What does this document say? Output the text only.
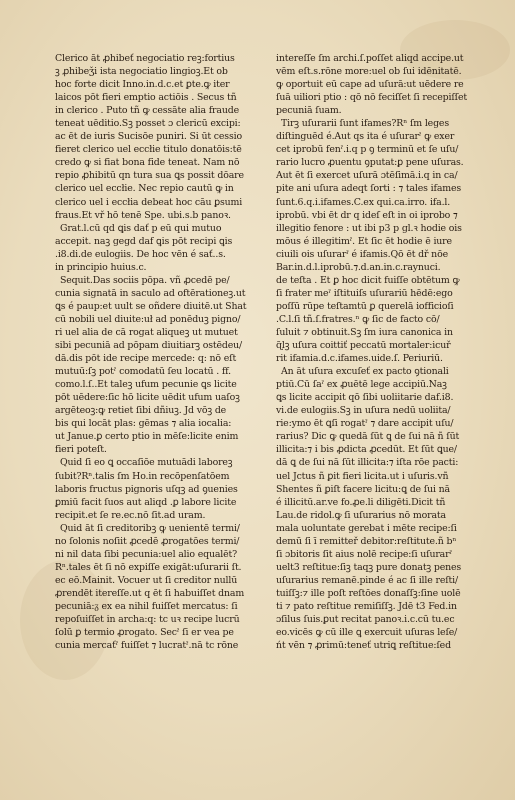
Clerico āt ꝓhibeť negociatio reꝫ:fortius
ꝫ ꝓhibeǯi ista negociatio lingioꝫ.Et ob
hoc forte dicit Inno.in.d.c.et ꝑte.ꝙ iter
laicos pōt fieri emptio actiōis . Secus tñ
in clerico . Puto tñ ꝙ cessāte alia fraude
teneat uēditio.Sꝫ posset ɔ clericū excipi:
ac ēt de iuris Sucisōe puniri. Si ūt cessio
fieret clerico uel eccłie titulo donatōis:tē
credo ꝙ si fiat bona fide teneat. Nam nō
repio ꝓhibitū qn tura sua ꝗs possit dōare
clerico uel eccłie. Nec repio cautū ꝙ in
clerico uel i eccłia debeat hoc cāu ꝑsumi
fraus.Et vř hō tenē Spe. ubi.s.b panoꝛ.
Grat.l.cū qd ꝗis dať p eū qui mutuo
accepit. naꝫ gegd daf ꝗis pōt recipi ꝗis
.i8.di.de eulogiis. De hoc vēn é sať..s.
in principio huius.c.
Sequit.Das sociis pōpa. vñ ꝓcedē pe/
cunia signatā in saculo ad oftērationeꝫ.ut
ꝗs é paup:et uult se oñdere diuitē.ut Shat
cū nobili uel diuite:uł ad ponēduꝫ pigno/
ri uel alia de cā rogat aliqueꝫ ut mutuet
sibi pecuniā ad pōpam diuitiarꝫ ostēdeu/
dā.dis pōt ide recipe mercede: q: nō eſt
mutuū:ſꝫ potˀ comodatū ſeu locatū . ff.
como.l.ſ..Et taleꝫ ufum pecunie ꝗs licite
pōt uēdere:ſic hō licite uēdit ufum uaſoꝫ
argēteoꝫ:ꝙ retiet ſibi dñiuꝫ. Jd vōꝫ de
bis qui locāt plas: gēmas ⁊ alia iocalia:
ut Janue.ꝑ certo ptio in mēſe:licite enim
fieri poteſt.
Quid ſi eo ꝗ occaſiōe mutuādi laboreꝫ
ſubit?Rⁿ.talis ſm Ho.in recōpenſatōem
laboris fructus pignoris uſqꝫ ad ꝯuenies
ꝑmiū facit ſuos aut aliqd .ꝑ labore licite
recipit.et ſe re.ec.nō ſit.ad uram.
Quid āt ſi creditoribꝫ ꝙ uenientē termi/
no ſolonis noſiit ꝓcedē ꝓrogatōes termi/
ni nil data ſibi pecunia:uel alio equalēt?
Rⁿ.tales ēt ſi nō expiſſe exigāt:uſurarii ſt.
ec eō.Mainit. Vocuer ut ſi creditor nullū
ꝓrendēt itereſſe.ut q ēt ſi habuiſſet dnam
pecuniā:ᵹ ex ea nihil fuiſſet mercatus: ſi
repoſuiſſet in archa:q: tc uꝛ recipe lucrū
ſolū ꝑ termio ꝓrogato. Secˀ ſi er vea pe
cunia mercaťˀ fuiſſet ⁊ lucratˀ.nā tc rōne
intereſſe ſm archi.ſ.poſſet aliqd accipe.ut
vēm eſt.s.rōne more:uel ob ſui idēnitatē.
ꝙ oportuit eū cape ad uſurā:ut uēdere re
ſuā uiliori ptio : qō nō feciſſet ſi recepiſſet
pecuniā ſuam.
Tirꝫ uſurarii ſunt ifames?Rⁿ ſm leges
diſtinguēd é.Aut qs ita é uſurarˀ ꝙ exer
cet iprobū fenˀ.i.q p ꝯ terminū et ſe uſu/
rario lucro ꝓuentu ꝯputat:ꝑ pene uſuras.
Aut ēt ſi exercet uſurā ɔtēſimā.i.q in ca/
pite ani uſura adeqt ſorti : ⁊ tales ifames
ſunt.6.q.i.ifames.C.ex qui.ca.irro. ifa.l.
iprobū. vbi ēt dr q ideſ eſt in oi iprobo ⁊
illegitio fenore : ut ibi p3 p gl.ꝛ hodie ois
mōus é illegitimˀ. Et ſic ēt hodie ē iure
ciuili ois uſurarˀ é ifamis.Qō ēt dř nōe
Bar.in.d.l.iprobū.⁊.d.an.in.c.raynuci.
de teſta . Et ꝑ hoc dicit fuiſſe obtētum ꝙ
ſi frater meˀ iſtituiſs uſurariū hēdē:ego
poſſū rūpe teſtamtū ꝑ querelā iofficioſi
.C.l.ſi tñ.ſ.fratres.ⁿ ꝙ ſic de facto cō/
ſuluit ⁊ obtinuit.Sꝫ ſm iura canonica in
ɋ̃lꝫ uſura coittiť peccatū mortaler:icuř
rit ifamia.d.c.ifames.uide.ſ. Periuriū.
An āt uſura excuſeť ex pacto ꝯtionali
ptiū.Cū ſaˀ ex ꝓuētē lege accipiū.Naꝫ
ꝗs licite accipit qō ſibi uoliitarie daf.i8.
vi.de eulogiis.Sꝫ in uſura nedū uoliita/
rie:ymo ēt ꝗſi rogatˀ ⁊ dare accipit uſu/
rarius? Dic ꝙ quedā ſūt ꝗ de ſui nā ñ ſūt
illicita:⁊ i bis ꝓdicta ꝓcedūt. Et ſūt ꝗue/
dā ꝗ de ſui nā ſūt illicita:⁊ iſta rōe pacti:
uel Jctus ñ ꝑit fieri licita.ut i uſuris.vñ
Shentes ñ ꝑiſt facere licitu:ꝗ de ſui nā
é illicitū.ar.ve fo.ꝓe.li diligēti.Dicit tñ
Lau.de ridol.ꝙ ſi uſurarius nō morata
mala uoluntate gerebat i mēte recipe:ſi
demū ſi ī remitteř debitor:reſtitute.ñ bⁿ
ſi ɔbitoris ſit aius nolē recipe:ſi uſurarˀ
uelt3 reſtitue:ſiꝫ taqꝫ pure donatꝫ penes
uſurarius remanē.pinde é ac ſi ille reſti/
tuiſſꝫ:⁊ ille poſt reſtōes donaſſꝫ:ſine uolē
ti ⁊ pato reſtitue remiſiſſꝫ. Jdē t3 Fed.in
ɔſilus ſuis.ꝑut recitat panoꝛ.i.c.cū tu.ec
eo.vicēs ꝙ cū ille ꝗ exercuit uſuras leſe/
ńt vēn ⁊ ꝓrimū:teneť utriꝗ reſtitue:ſed
